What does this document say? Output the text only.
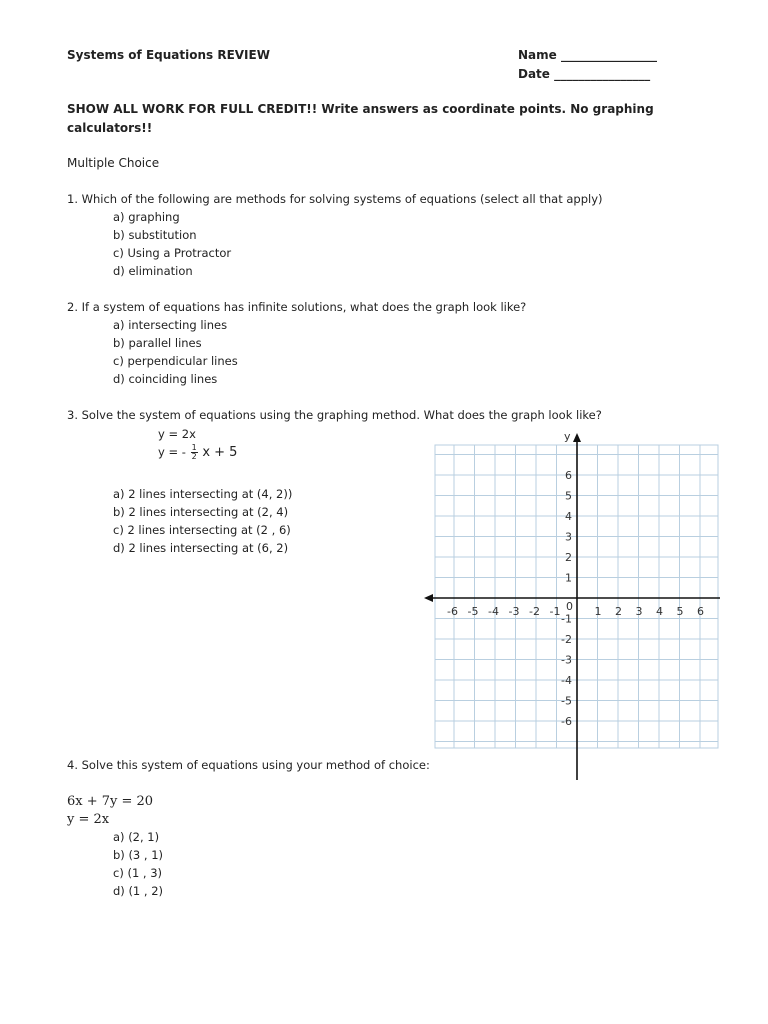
Systems of Equations REVIEW	Name ________________
Date ________________
SHOW ALL WORK FOR FULL CREDIT!! Write answers as coordinate points. No graphing
calculators!!
Multiple Choice
1. Which of the following are methods for solving systems of equations (select all that apply)
a) graphing
b) substitution
c) Using a Protractor
d) elimination
2. If a system of equations has infinite solutions, what does the graph look like?
a) intersecting lines
b) parallel lines
c) perpendicular lines
d) coinciding lines
3. Solve the system of equations using the graphing method. What does the graph look like?
y = 2x
y = - $\frac{1}{2}$ x + 5
a) 2 lines intersecting at (4, 2))
b) 2 lines intersecting at (2, 4)
c) 2 lines intersecting at (2 , 6)
d) 2 lines intersecting at (6, 2)
y
0
-6 -5 -4 -3 -2 -1	1 2 3 4 5 6
6
5
4
3
2
1
-1
-2
-3
-4
-5
-6
4. Solve this system of equations using your method of choice:
6x + 7y = 20
y = 2x
a) (2, 1)
b) (3 , 1)
c) (1 , 3)
d) (1 , 2)
